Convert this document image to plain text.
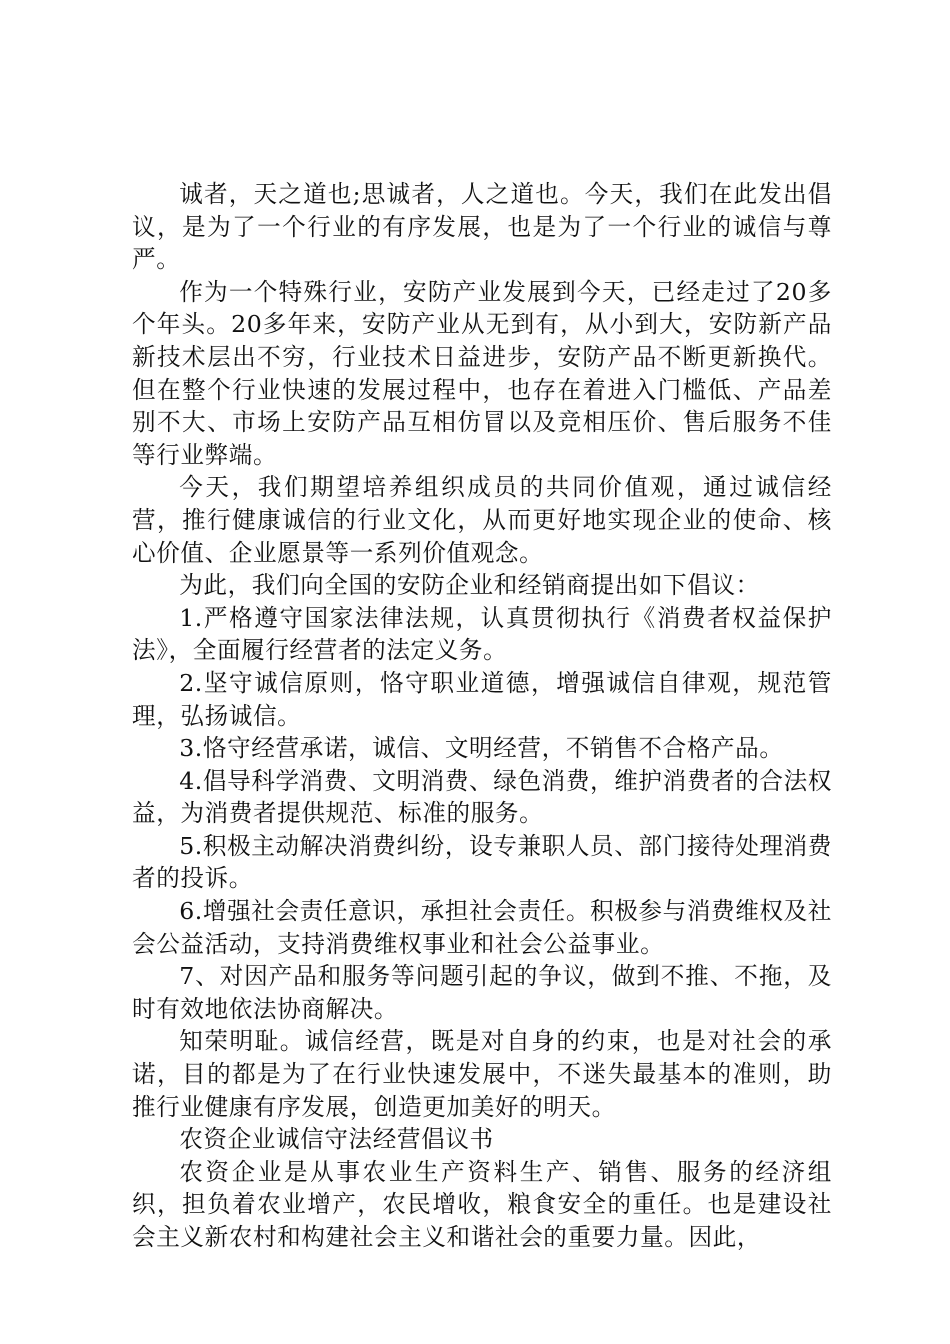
诚者，天之道也;思诚者，人之道也。今天，我们在此发出倡议，是为了一个行业的有序发展，也是为了一个行业的诚信与尊严。

作为一个特殊行业，安防产业发展到今天，已经走过了20多个年头。20多年来，安防产业从无到有，从小到大，安防新产品新技术层出不穷，行业技术日益进步，安防产品不断更新换代。但在整个行业快速的发展过程中，也存在着进入门槛低、产品差别不大、市场上安防产品互相仿冒以及竞相压价、售后服务不佳等行业弊端。

今天，我们期望培养组织成员的共同价值观，通过诚信经营，推行健康诚信的行业文化，从而更好地实现企业的使命、核心价值、企业愿景等一系列价值观念。

为此，我们向全国的安防企业和经销商提出如下倡议：

1.严格遵守国家法律法规，认真贯彻执行《消费者权益保护法》，全面履行经营者的法定义务。

2.坚守诚信原则，恪守职业道德，增强诚信自律观，规范管理，弘扬诚信。

3.恪守经营承诺，诚信、文明经营，不销售不合格产品。

4.倡导科学消费、文明消费、绿色消费，维护消费者的合法权益，为消费者提供规范、标准的服务。

5.积极主动解决消费纠纷，设专兼职人员、部门接待处理消费者的投诉。

6.增强社会责任意识，承担社会责任。积极参与消费维权及社会公益活动，支持消费维权事业和社会公益事业。

7、对因产品和服务等问题引起的争议，做到不推、不拖，及时有效地依法协商解决。

知荣明耻。诚信经营，既是对自身的约束，也是对社会的承诺，目的都是为了在行业快速发展中，不迷失最基本的准则，助推行业健康有序发展，创造更加美好的明天。

农资企业诚信守法经营倡议书

农资企业是从事农业生产资料生产、销售、服务的经济组织，担负着农业增产，农民增收，粮食安全的重任。也是建设社会主义新农村和构建社会主义和谐社会的重要力量。因此，
